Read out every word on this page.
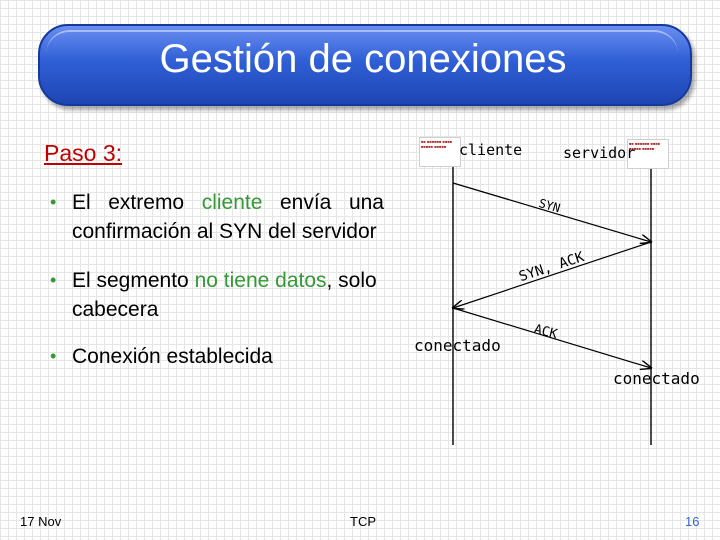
Gestión de conexiones
Paso 3:
• El extremo cliente envía una confirmación al SYN del servidor
• El segmento no tiene datos, solo cabecera
• Conexión establecida
■■ ■■■■■■ ■■■■ ■■■■■ ■■■■■
■■ ■■■■■■ ■■■■ ■■■■■ ■■■■■
cliente	servidor
SYN
SYN, ACK
ACK
conectado
conectado
17 Nov	TCP	16
